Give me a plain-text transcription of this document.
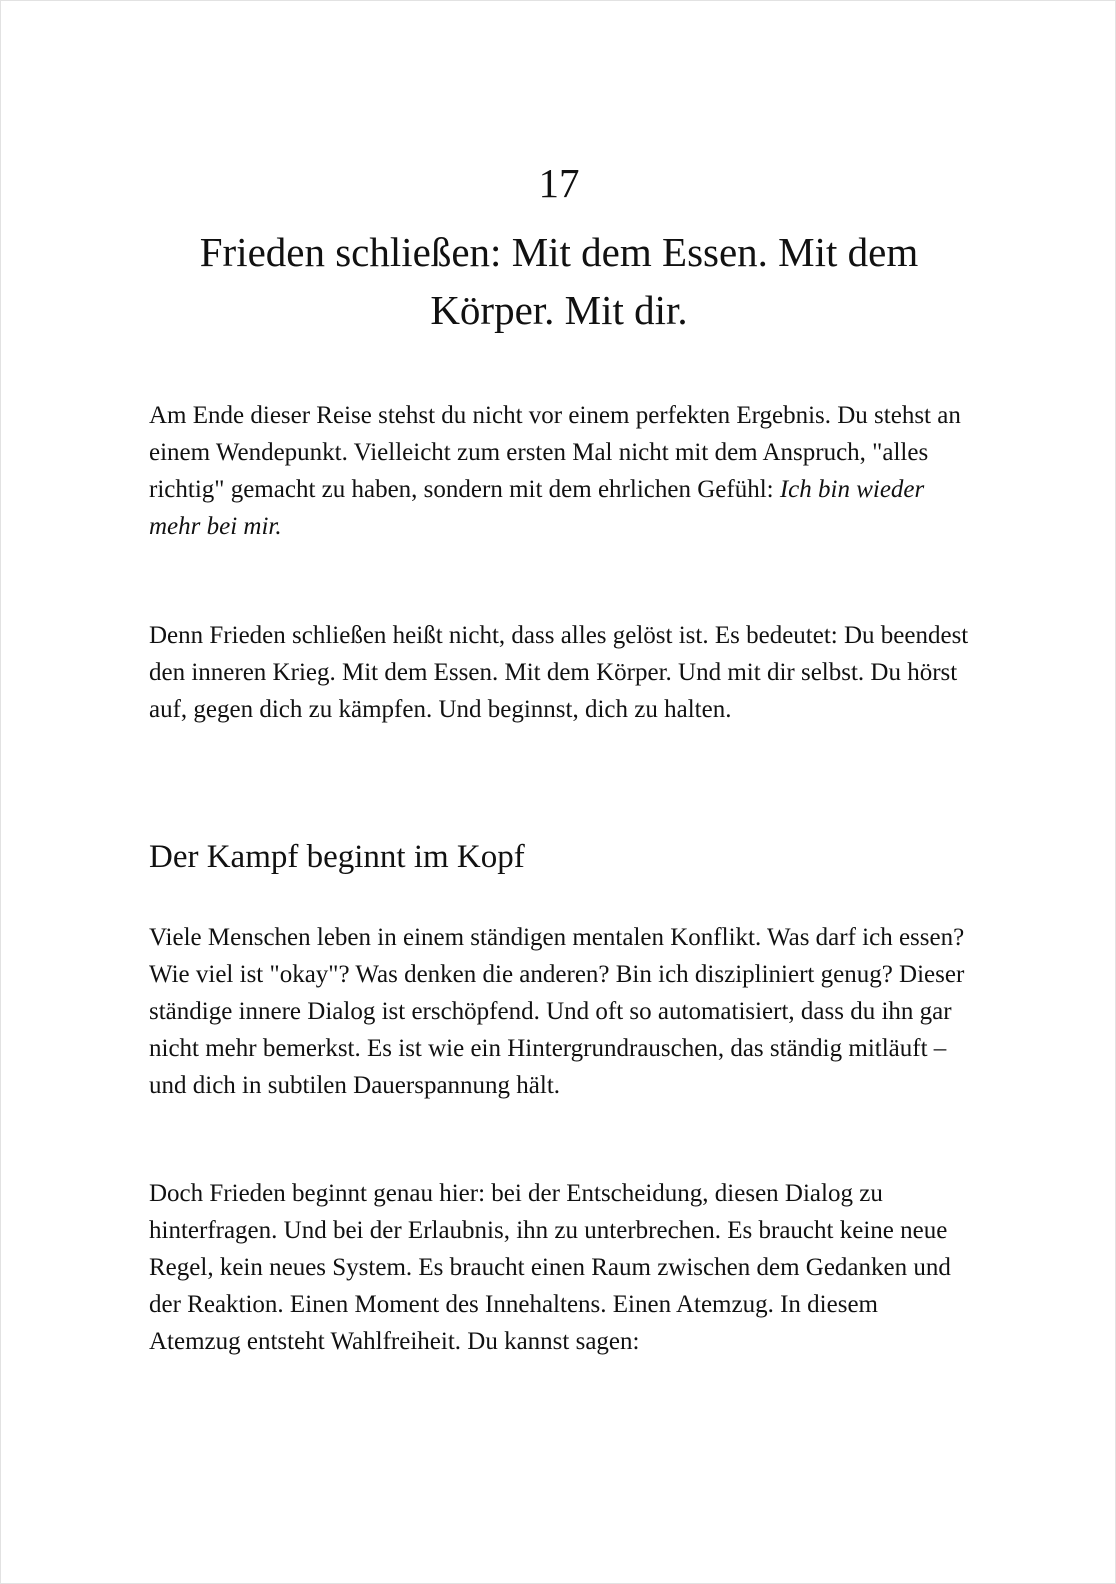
17
Frieden schließen: Mit dem Essen. Mit dem Körper. Mit dir.

Am Ende dieser Reise stehst du nicht vor einem perfekten Ergebnis. Du stehst an einem Wendepunkt. Vielleicht zum ersten Mal nicht mit dem Anspruch, "alles richtig" gemacht zu haben, sondern mit dem ehrlichen Gefühl: Ich bin wieder mehr bei mir.

Denn Frieden schließen heißt nicht, dass alles gelöst ist. Es bedeutet: Du beendest den inneren Krieg. Mit dem Essen. Mit dem Körper. Und mit dir selbst. Du hörst auf, gegen dich zu kämpfen. Und beginnst, dich zu halten.

Der Kampf beginnt im Kopf

Viele Menschen leben in einem ständigen mentalen Konflikt. Was darf ich essen? Wie viel ist "okay"? Was denken die anderen? Bin ich diszipliniert genug? Dieser ständige innere Dialog ist erschöpfend. Und oft so automatisiert, dass du ihn gar nicht mehr bemerkst. Es ist wie ein Hintergrundrauschen, das ständig mitläuft – und dich in subtilen Dauerspannung hält.

Doch Frieden beginnt genau hier: bei der Entscheidung, diesen Dialog zu hinterfragen. Und bei der Erlaubnis, ihn zu unterbrechen. Es braucht keine neue Regel, kein neues System. Es braucht einen Raum zwischen dem Gedanken und der Reaktion. Einen Moment des Innehaltens. Einen Atemzug. In diesem Atemzug entsteht Wahlfreiheit. Du kannst sagen:
